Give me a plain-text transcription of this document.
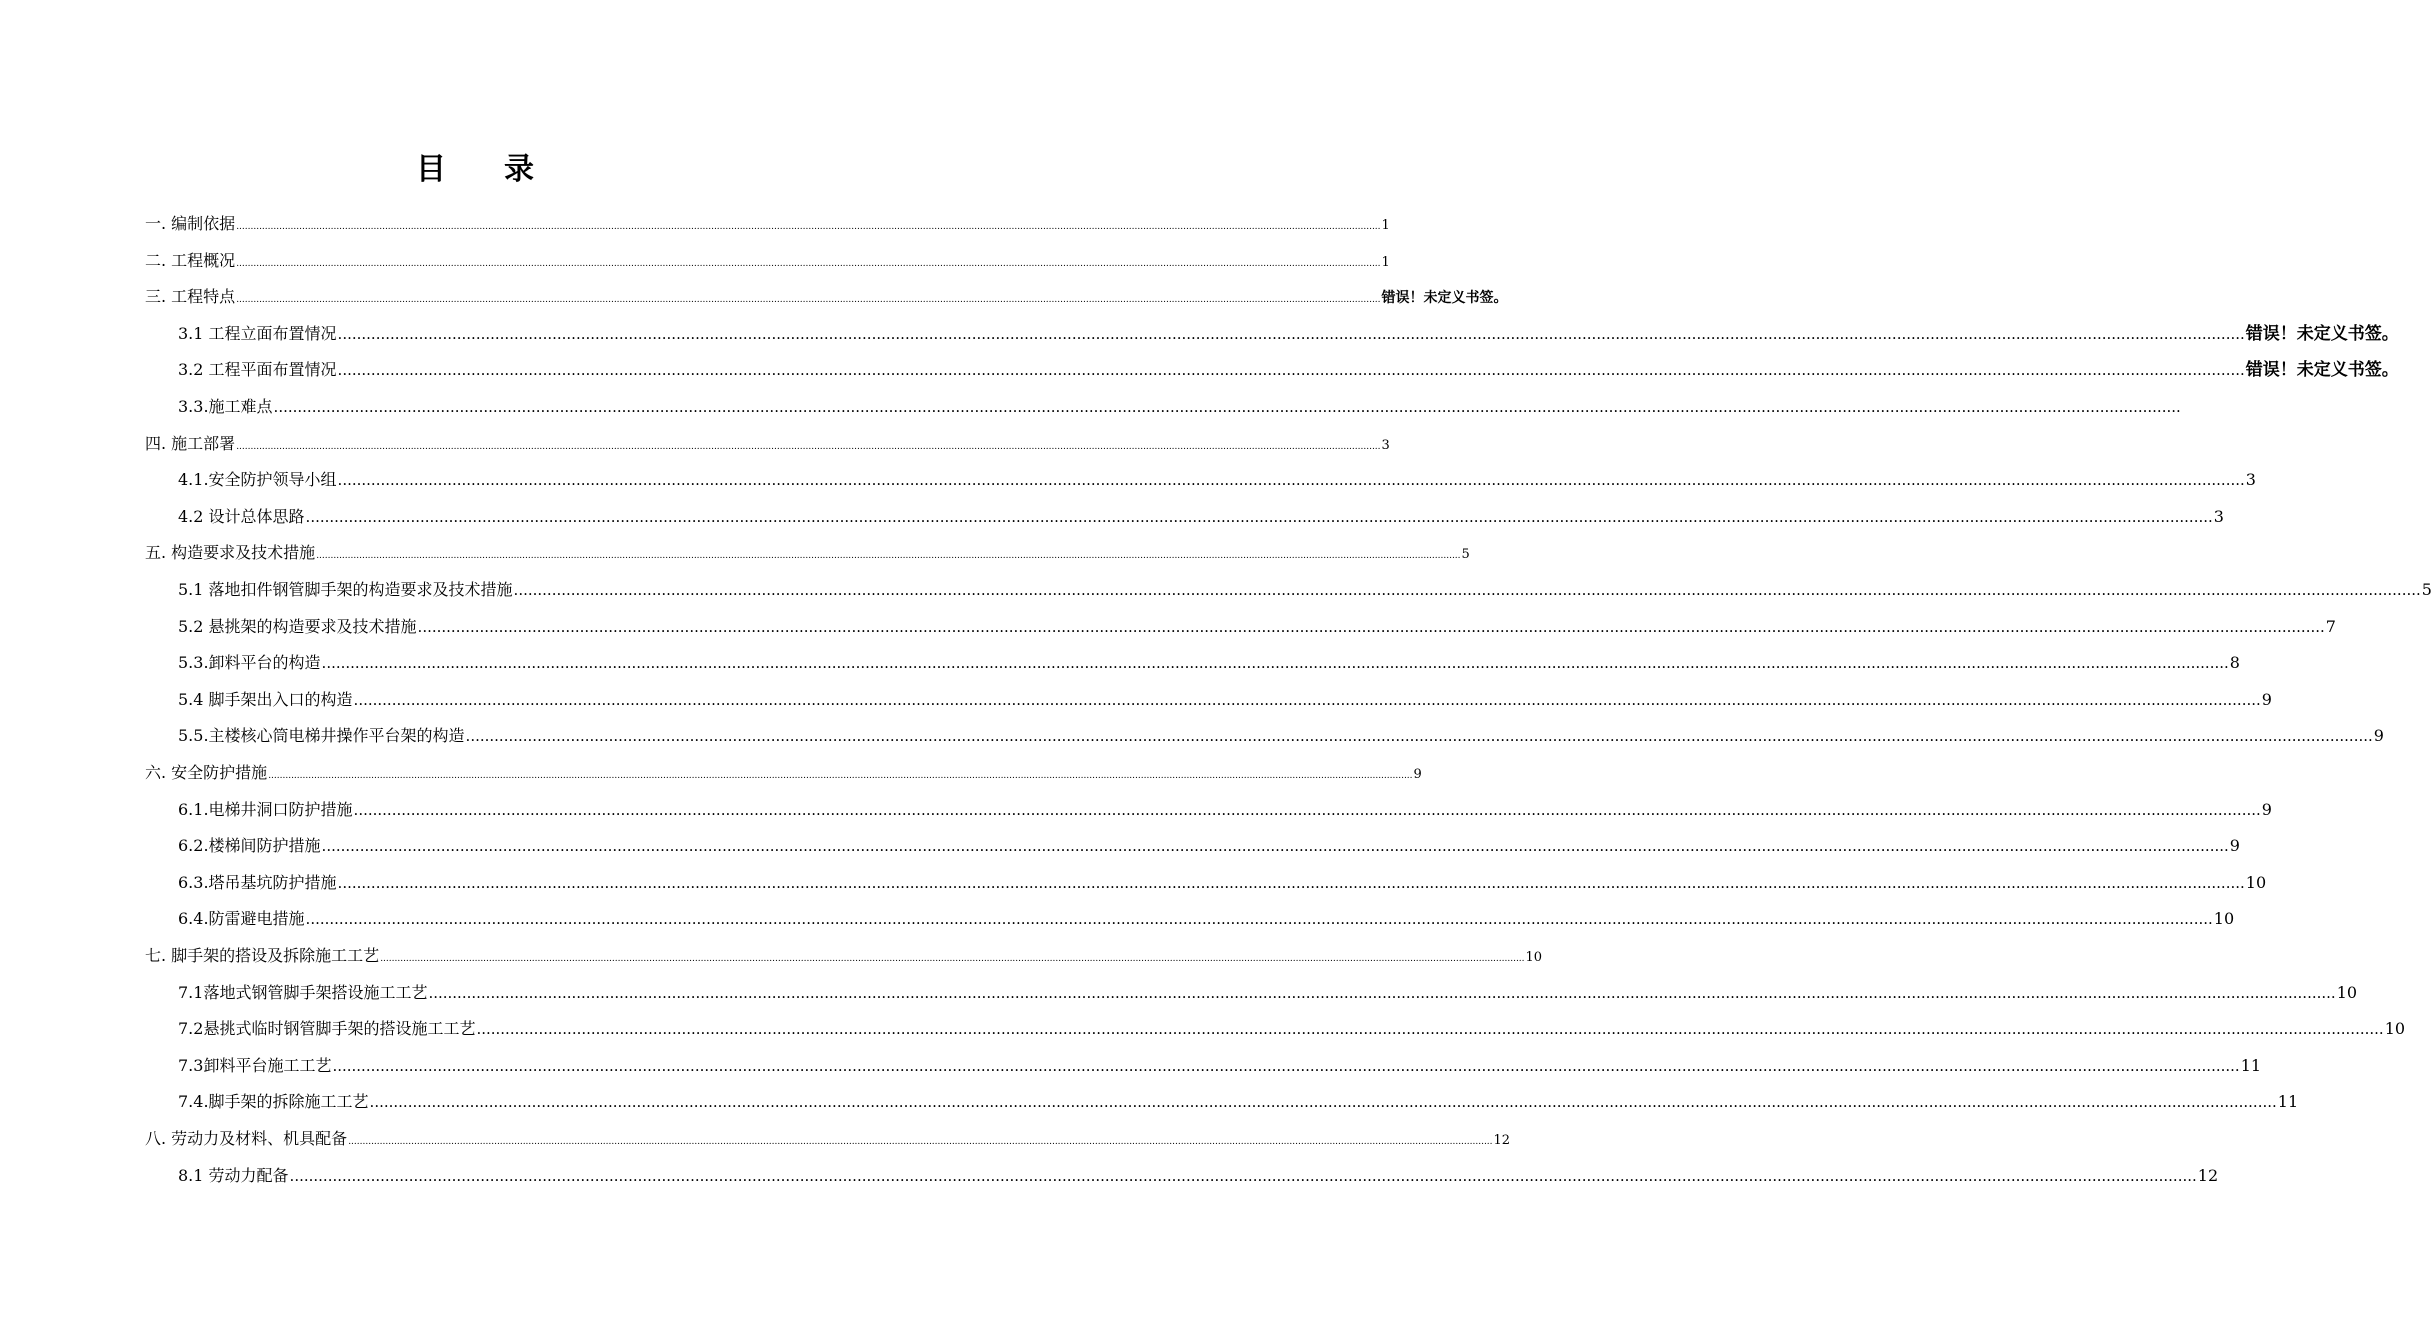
目录
一. 编制依据 ................................................................................................................................................................................................................................................................................................................................................................................................................ 1
二. 工程概况 ................................................................................................................................................................................................................................................................................................................................................................................................................ 1
三. 工程特点 ................................................................................................................................................................................................................................................................................................................................................................................................................ 错误！未定义书签。
3.1 工程立面布置情况 ................................................................................................................................................................................................................................................................................................................................................................................................................ 错误！未定义书签。
3.2 工程平面布置情况 ................................................................................................................................................................................................................................................................................................................................................................................................................ 错误！未定义书签。
3.3.施工难点 ................................................................................................................................................................................................................................................................................................................................................................................................................
四. 施工部署 ................................................................................................................................................................................................................................................................................................................................................................................................................ 3
4.1.安全防护领导小组 ................................................................................................................................................................................................................................................................................................................................................................................................................ 3
4.2 设计总体思路 ................................................................................................................................................................................................................................................................................................................................................................................................................ 3
五. 构造要求及技术措施 ................................................................................................................................................................................................................................................................................................................................................................................................................ 5
5.1 落地扣件钢管脚手架的构造要求及技术措施 ................................................................................................................................................................................................................................................................................................................................................................................................................ 5
5.2 悬挑架的构造要求及技术措施 ................................................................................................................................................................................................................................................................................................................................................................................................................ 7
5.3.卸料平台的构造 ................................................................................................................................................................................................................................................................................................................................................................................................................ 8
5.4 脚手架出入口的构造 ................................................................................................................................................................................................................................................................................................................................................................................................................ 9
5.5.主楼核心筒电梯井操作平台架的构造 ................................................................................................................................................................................................................................................................................................................................................................................................................ 9
六. 安全防护措施 ................................................................................................................................................................................................................................................................................................................................................................................................................ 9
6.1.电梯井洞口防护措施 ................................................................................................................................................................................................................................................................................................................................................................................................................ 9
6.2.楼梯间防护措施 ................................................................................................................................................................................................................................................................................................................................................................................................................ 9
6.3.塔吊基坑防护措施 ................................................................................................................................................................................................................................................................................................................................................................................................................ 10
6.4.防雷避电措施 ................................................................................................................................................................................................................................................................................................................................................................................................................ 10
七. 脚手架的搭设及拆除施工工艺 ................................................................................................................................................................................................................................................................................................................................................................................................................ 10
7.1落地式钢管脚手架搭设施工工艺 ................................................................................................................................................................................................................................................................................................................................................................................................................ 10
7.2悬挑式临时钢管脚手架的搭设施工工艺 ................................................................................................................................................................................................................................................................................................................................................................................................................ 10
7.3卸料平台施工工艺 ................................................................................................................................................................................................................................................................................................................................................................................................................ 11
7.4.脚手架的拆除施工工艺 ................................................................................................................................................................................................................................................................................................................................................................................................................ 11
八. 劳动力及材料、机具配备 ................................................................................................................................................................................................................................................................................................................................................................................................................ 12
8.1 劳动力配备 ................................................................................................................................................................................................................................................................................................................................................................................................................ 12
